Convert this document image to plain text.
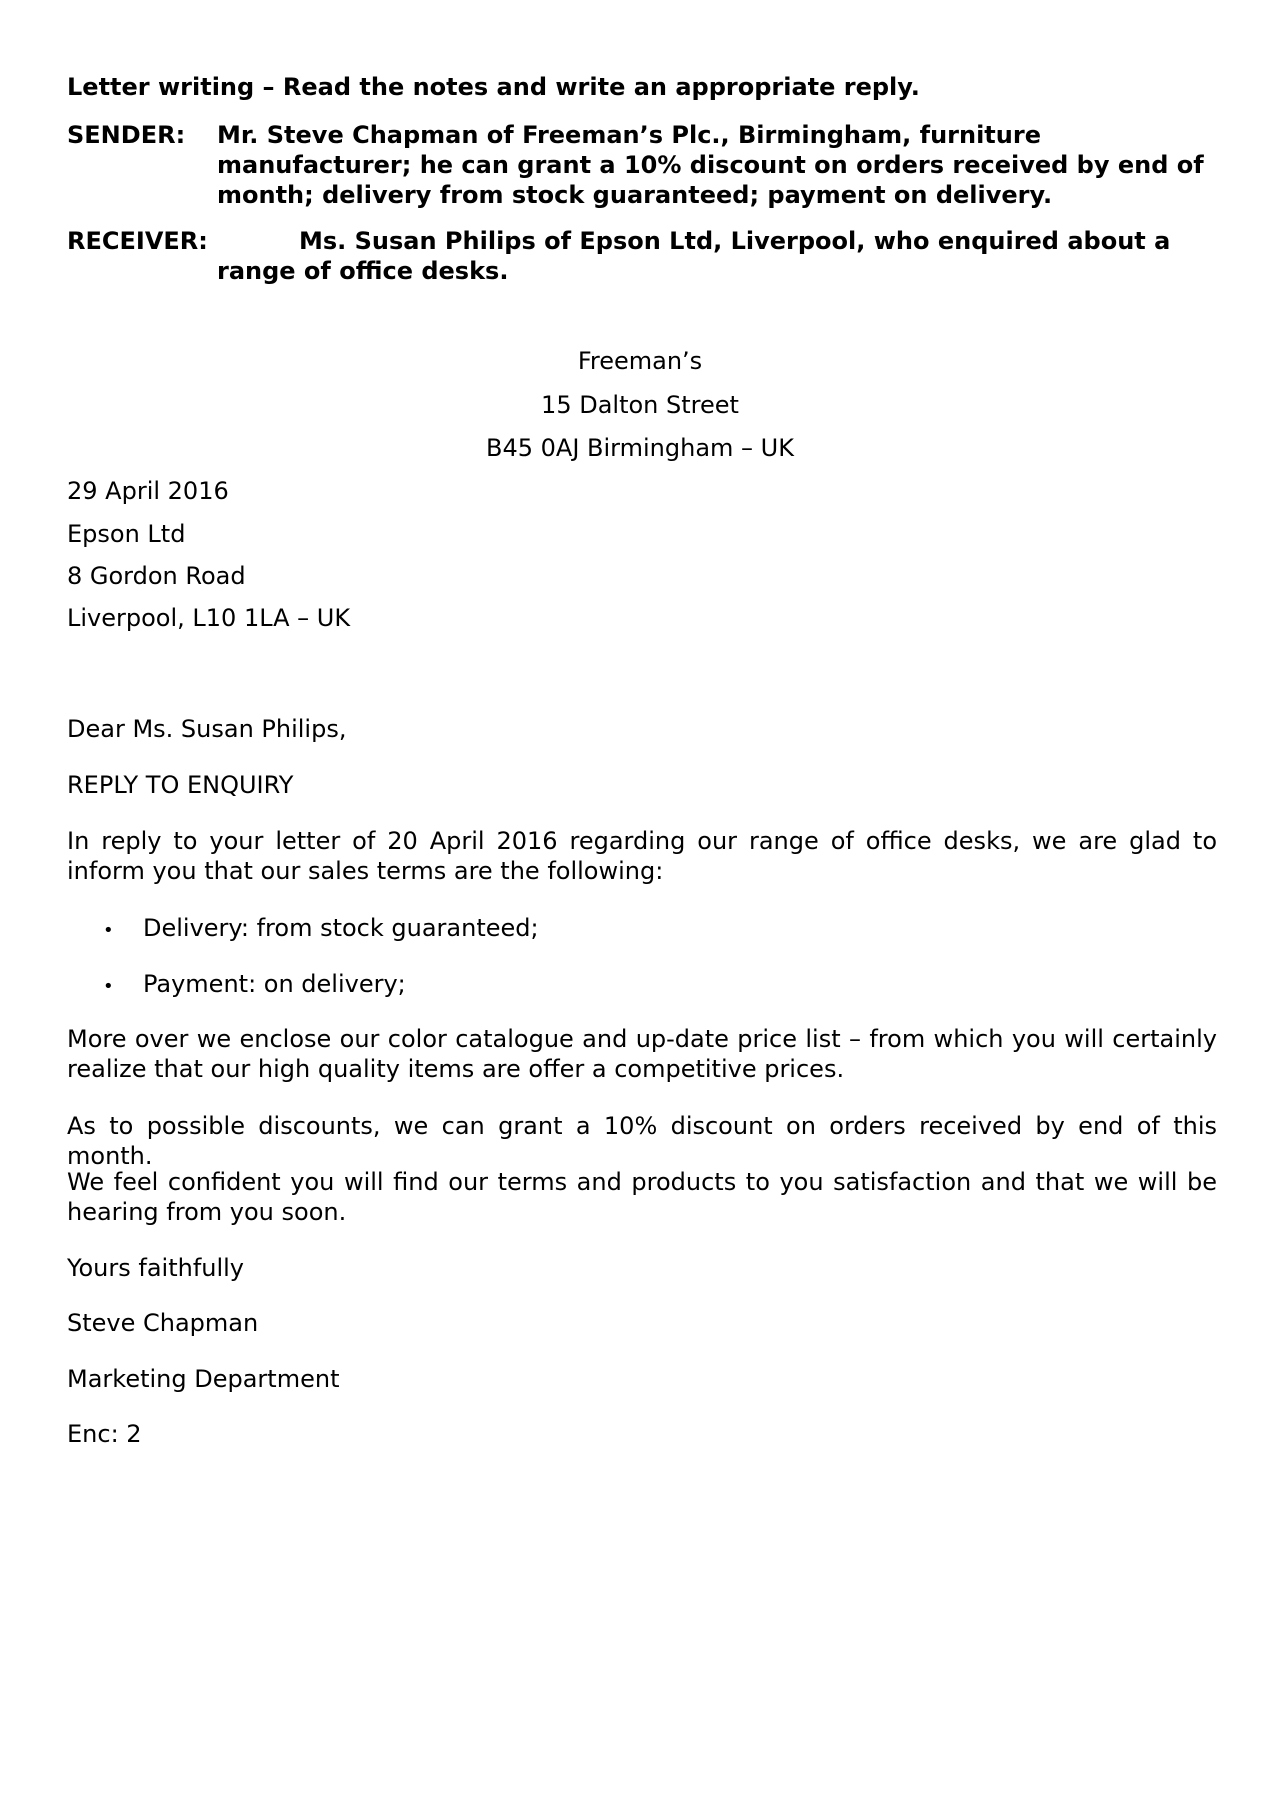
Letter writing – Read the notes and write an appropriate reply.
SENDER: Mr. Steve Chapman of Freeman’s Plc., Birmingham, furniture manufacturer; he can grant a 10% discount on orders received by end of month; delivery from stock guaranteed; payment on delivery.
RECEIVER:	Ms. Susan Philips of Epson Ltd, Liverpool, who enquired about a
range of office desks.
Freeman’s
15 Dalton Street
B45 0AJ Birmingham – UK
29 April 2016
Epson Ltd
8 Gordon Road
Liverpool, L10 1LA – UK
Dear Ms. Susan Philips,
REPLY TO ENQUIRY
In reply to your letter of 20 April 2016 regarding our range of office desks, we are glad to inform you that our sales terms are the following:
• Delivery: from stock guaranteed;
• Payment: on delivery;
More over we enclose our color catalogue and up-date price list – from which you will certainly realize that our high quality items are offer a competitive prices.
As to possible discounts, we can grant a 10% discount on orders received by end of this month.
We feel confident you will find our terms and products to you satisfaction and that we will be hearing from you soon.
Yours faithfully
Steve Chapman
Marketing Department
Enc: 2
